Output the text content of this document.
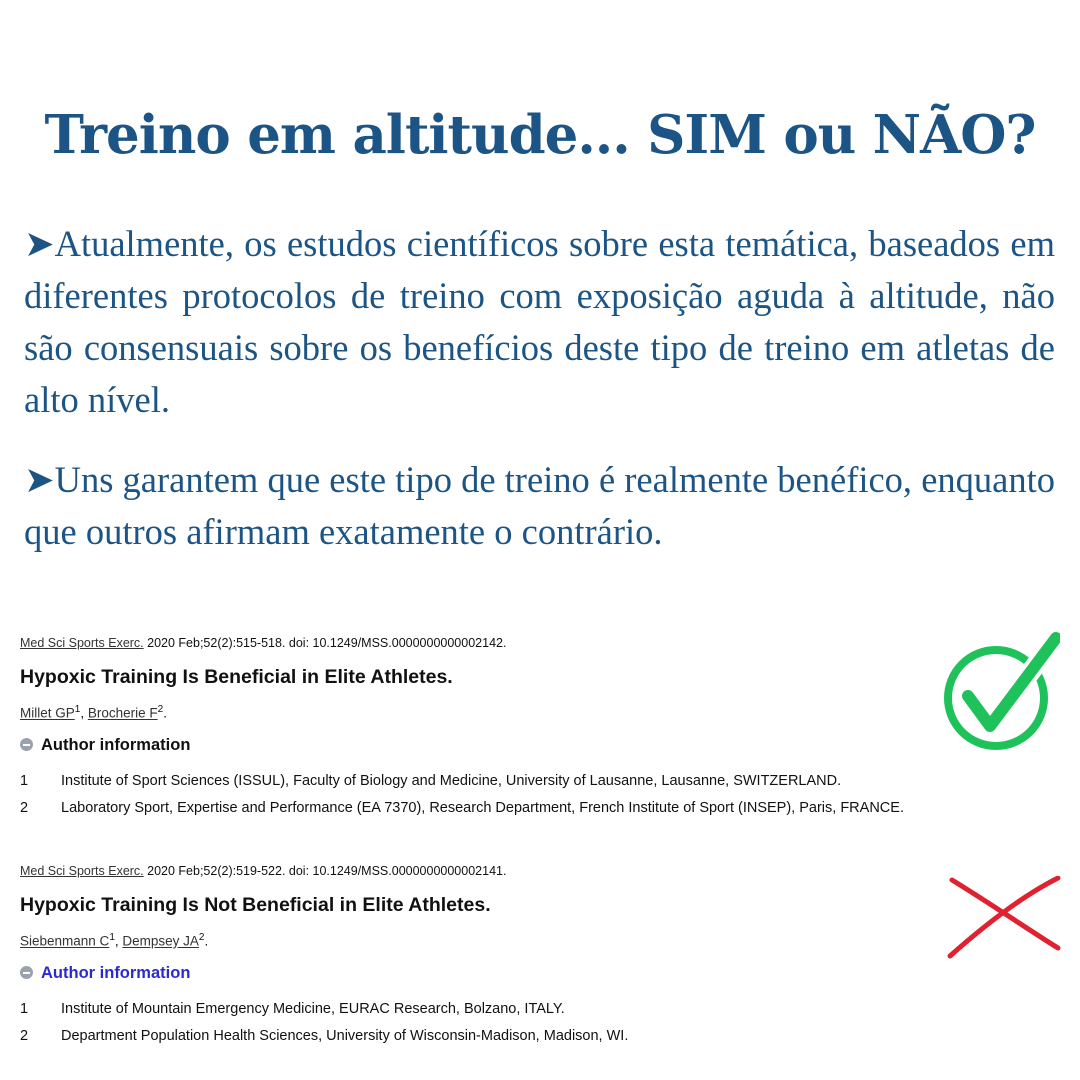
Treino em altitude... SIM ou NÃO?

➤Atualmente, os estudos científicos sobre esta temática, baseados em diferentes protocolos de treino com exposição aguda à altitude, não são consensuais sobre os benefícios deste tipo de treino em atletas de alto nível.

➤Uns garantem que este tipo de treino é realmente benéfico, enquanto que outros afirmam exatamente o contrário.

Med Sci Sports Exerc. 2020 Feb;52(2):515-518. doi: 10.1249/MSS.0000000000002142.

Hypoxic Training Is Beneficial in Elite Athletes.

Millet $GP^1$, Brocherie $F^2$.

Author information
1	Institute of Sport Sciences (ISSUL), Faculty of Biology and Medicine, University of Lausanne, Lausanne, SWITZERLAND.
2	Laboratory Sport, Expertise and Performance (EA 7370), Research Department, French Institute of Sport (INSEP), Paris, FRANCE.

Med Sci Sports Exerc. 2020 Feb;52(2):519-522. doi: 10.1249/MSS.0000000000002141.

Hypoxic Training Is Not Beneficial in Elite Athletes.

Siebenmann $C^1$, Dempsey $JA^2$.

Author information
1	Institute of Mountain Emergency Medicine, EURAC Research, Bolzano, ITALY.
2	Department Population Health Sciences, University of Wisconsin-Madison, Madison, WI.
